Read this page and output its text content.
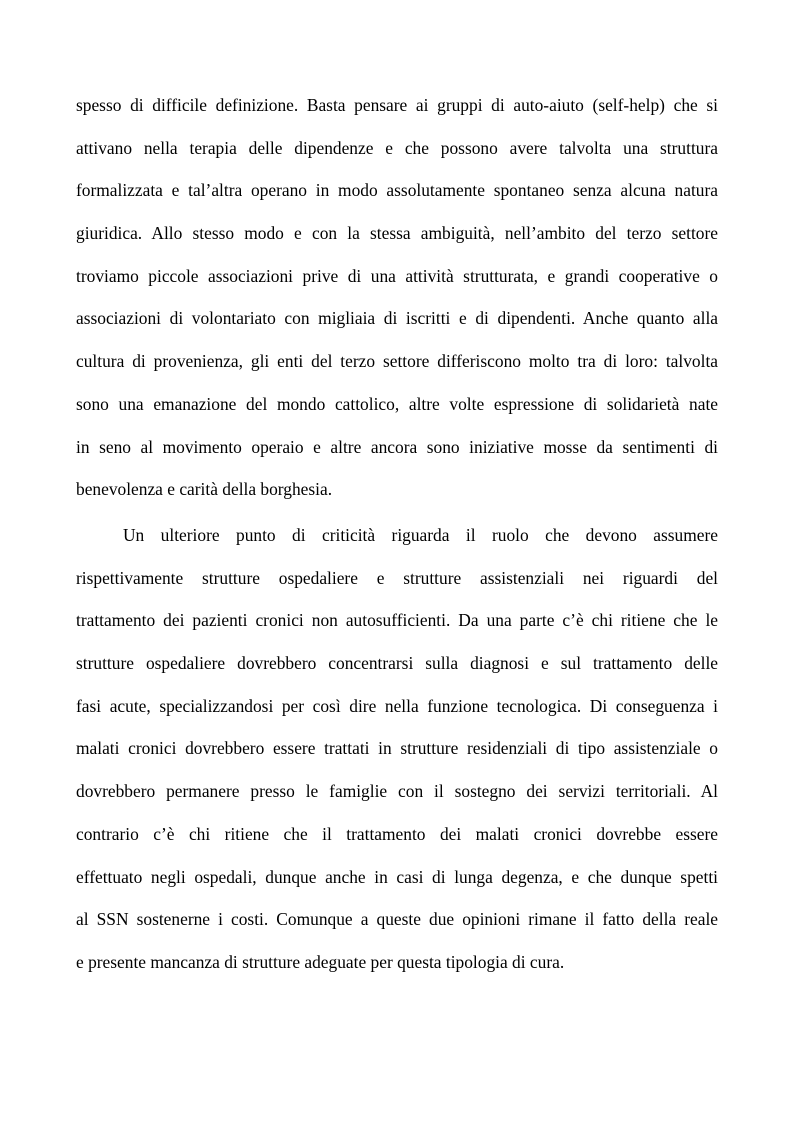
spesso di difficile definizione. Basta pensare ai gruppi di auto-aiuto (self-help) che si
attivano nella terapia delle dipendenze e che possono avere talvolta una struttura
formalizzata e tal’altra operano in modo assolutamente spontaneo senza alcuna natura
giuridica. Allo stesso modo e con la stessa ambiguità, nell’ambito del terzo settore
troviamo piccole associazioni prive di una attività strutturata, e grandi cooperative o
associazioni di volontariato con migliaia di iscritti e di dipendenti. Anche quanto alla
cultura di provenienza, gli enti del terzo settore differiscono molto tra di loro: talvolta
sono una emanazione del mondo cattolico, altre volte espressione di solidarietà nate
in seno al movimento operaio e altre ancora sono iniziative mosse da sentimenti di
benevolenza e carità della borghesia.
Un ulteriore punto di criticità riguarda il ruolo che devono assumere
rispettivamente strutture ospedaliere e strutture assistenziali nei riguardi del
trattamento dei pazienti cronici non autosufficienti. Da una parte c’è chi ritiene che le
strutture ospedaliere dovrebbero concentrarsi sulla diagnosi e sul trattamento delle
fasi acute, specializzandosi per così dire nella funzione tecnologica. Di conseguenza i
malati cronici dovrebbero essere trattati in strutture residenziali di tipo assistenziale o
dovrebbero permanere presso le famiglie con il sostegno dei servizi territoriali. Al
contrario c’è chi ritiene che il trattamento dei malati cronici dovrebbe essere
effettuato negli ospedali, dunque anche in casi di lunga degenza, e che dunque spetti
al SSN sostenerne i costi. Comunque a queste due opinioni rimane il fatto della reale
e presente mancanza di strutture adeguate per questa tipologia di cura.
